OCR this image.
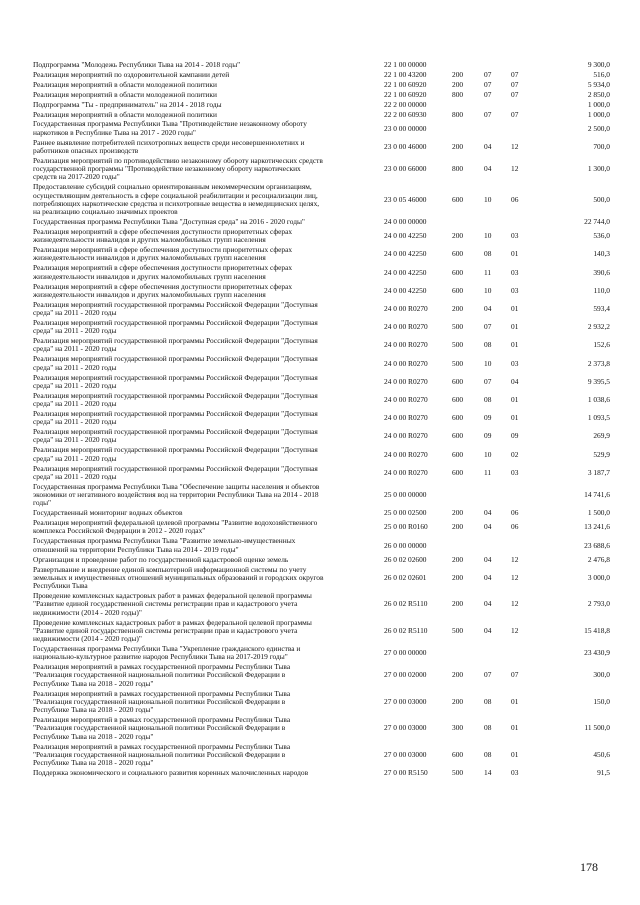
Подпрограмма "Молодежь Республики Тыва на 2014 - 2018 годы"	22 1 00 00000	9 300,0
Реализация мероприятий по оздоровительной кампании детей	22 1 00 43200	200	07	07	516,0
Реализация мероприятий в области молодежной политики	22 1 00 60920	200	07	07	5 934,0
Реализация мероприятий в области молодежной политики	22 1 00 60920	800	07	07	2 850,0
Подпрограмма "Ты - предприниматель" на 2014 - 2018 годы	22 2 00 00000	1 000,0
Реализация мероприятий в области молодежной политики	22 2 00 60930	800	07	07	1 000,0
Государственная программа Республики Тыва "Противодействие незаконному обороту
наркотиков в Республике Тыва на 2017 - 2020 годы"	23 0 00 00000	2 500,0
Раннее выявление потребителей психотропных веществ среди несовершеннолетних и
работников опасных производств	23 0 00 46000	200	04	12	700,0
Реализация мероприятий по противодействию незаконному обороту наркотических средств
государственной программы "Противодействие незаконному обороту наркотических
средств на 2017-2020 годы"
23 0 00 66000	800	04	12	1 300,0
Предоставление субсидий социально ориентированным некоммерческим организациям,
осуществляющим деятельность в сфере социальной реабилитации и ресоциализации лиц,
потребляющих наркотические средства и психотропные вещества в немедицинских целях,
на реализацию социально значимых проектов
23 0 05 46000	600	10	06	500,0
Государственная программа Республики Тыва "Доступная среда" на 2016 - 2020 годы"	24 0 00 00000	22 744,0
Реализация мероприятий в сфере обеспечения доступности приоритетных сферах
жизнедеятельности инвалидов и других маломобильных групп населения	24 0 00 42250	200	10	03	536,0
Реализация мероприятий в сфере обеспечения доступности приоритетных сферах
жизнедеятельности инвалидов и других маломобильных групп населения	24 0 00 42250	600	08	01	140,3
Реализация мероприятий в сфере обеспечения доступности приоритетных сферах
жизнедеятельности инвалидов и других маломобильных групп населения	24 0 00 42250	600	11	03	390,6
Реализация мероприятий в сфере обеспечения доступности приоритетных сферах
жизнедеятельности инвалидов и других маломобильных групп населения	24 0 00 42250	600	10	03	110,0
Реализация мероприятий государственной программы Российской Федерации "Доступная
среда" на 2011 - 2020 годы	24 0 00 R0270	200	04	01	593,4
Реализация мероприятий государственной программы Российской Федерации "Доступная
среда" на 2011 - 2020 годы	24 0 00 R0270	500	07	01	2 932,2
Реализация мероприятий государственной программы Российской Федерации "Доступная
среда" на 2011 - 2020 годы	24 0 00 R0270	500	08	01	152,6
Реализация мероприятий государственной программы Российской Федерации "Доступная
среда" на 2011 - 2020 годы	24 0 00 R0270	500	10	03	2 373,8
Реализация мероприятий государственной программы Российской Федерации "Доступная
среда" на 2011 - 2020 годы	24 0 00 R0270	600	07	04	9 395,5
Реализация мероприятий государственной программы Российской Федерации "Доступная
среда" на 2011 - 2020 годы	24 0 00 R0270	600	08	01	1 038,6
Реализация мероприятий государственной программы Российской Федерации "Доступная
среда" на 2011 - 2020 годы	24 0 00 R0270	600	09	01	1 093,5
Реализация мероприятий государственной программы Российской Федерации "Доступная
среда" на 2011 - 2020 годы	24 0 00 R0270	600	09	09	269,9
Реализация мероприятий государственной программы Российской Федерации "Доступная
среда" на 2011 - 2020 годы	24 0 00 R0270	600	10	02	529,9
Реализация мероприятий государственной программы Российской Федерации "Доступная
среда" на 2011 - 2020 годы	24 0 00 R0270	600	11	03	3 187,7
Государственная программа Республики Тыва "Обеспечение защиты населения и объектов
экономики от негативного воздействия вод на территории Республики Тыва на 2014 - 2018
годы"
25 0 00 00000	14 741,6
Государственный мониторинг водных объектов	25 0 00 02500	200	04	06	1 500,0
Реализация мероприятий федеральной целевой программы "Развитие водохозяйственного
комплекса Российской Федерации в 2012 - 2020 годах"	25 0 00 R0160	200	04	06	13 241,6
Государственная программа Республики Тыва "Развитие земельно-имущественных
отношений на территории Республики Тыва на 2014 - 2019 годы"	26 0 00 00000	23 688,6
Организация и проведение работ по государственной кадастровой оценке земель	26 0 02 02600	200	04	12	2 476,8
Развертывание и внедрение единой компьютерной информационной системы по учету
земельных и имущественных отношений муниципальных образований и городских округов
Республики Тыва
26 0 02 02601	200	04	12	3 000,0
Проведение комплексных кадастровых работ в рамках федеральной целевой программы
"Развитие единой государственной системы регистрации прав и кадастрового учета
недвижимости (2014 - 2020 годы)"
26 0 02 R5110	200	04	12	2 793,0
Проведение комплексных кадастровых работ в рамках федеральной целевой программы
"Развитие единой государственной системы регистрации прав и кадастрового учета
недвижимости (2014 - 2020 годы)"
26 0 02 R5110	500	04	12	15 418,8
Государственная программа Республики Тыва "Укрепление гражданского единства и
национально-культурное развитие народов Республики Тыва на 2017-2019 годы"	27 0 00 00000	23 430,9
Реализация мероприятий в рамках государственной программы Республики Тыва
"Реализация государственной национальной политики Российской Федерации в
Республике Тыва на 2018 - 2020 годы"
27 0 00 02000	200	07	07	300,0
Реализация мероприятий в рамках государственной программы Республики Тыва
"Реализация государственной национальной политики Российской Федерации в
Республике Тыва на 2018 - 2020 годы"
27 0 00 03000	200	08	01	150,0
Реализация мероприятий в рамках государственной программы Республики Тыва
"Реализация государственной национальной политики Российской Федерации в
Республике Тыва на 2018 - 2020 годы"
27 0 00 03000	300	08	01	11 500,0
Реализация мероприятий в рамках государственной программы Республики Тыва
"Реализация государственной национальной политики Российской Федерации в
Республике Тыва на 2018 - 2020 годы"
27 0 00 03000	600	08	01	450,6
Поддержка экономического и социального развития коренных малочисленных народов	27 0 00 R5150	500	14	03	91,5
178
